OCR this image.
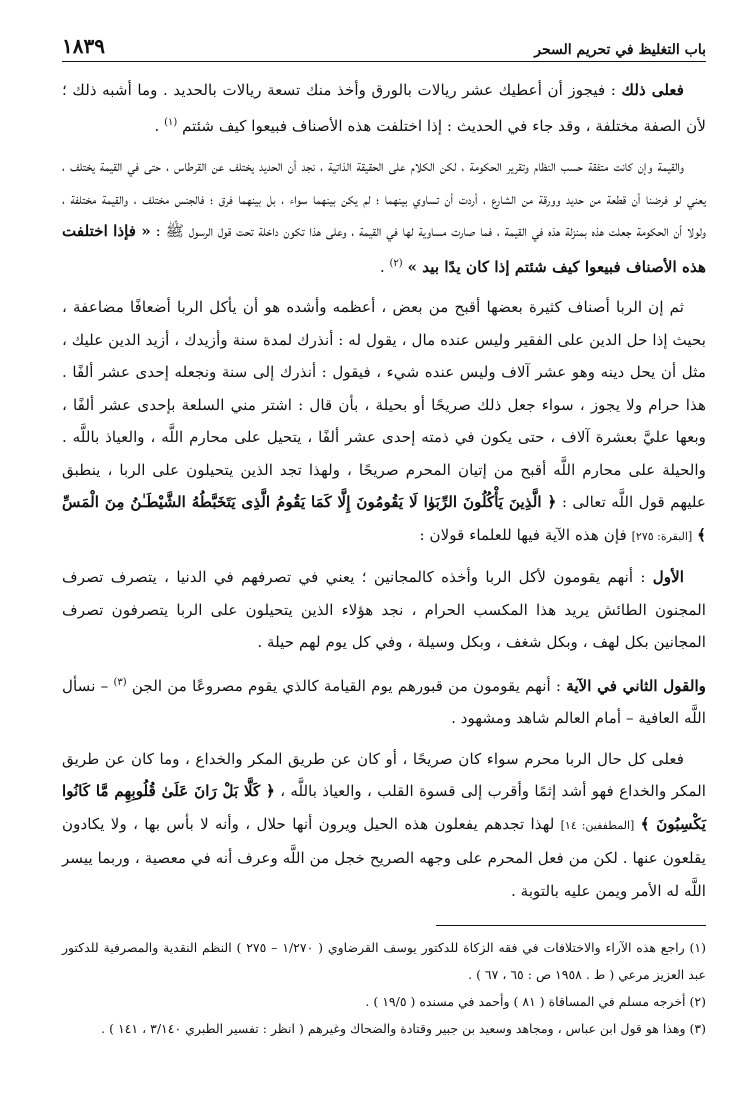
باب التغليظ في تحريم السحر
١٨٣٩

فعلى ذلك : فيجوز أن أعطيك عشر ريالات بالورق وأخذ منك تسعة ريالات بالحديد . وما أشبه ذلك ؛ لأن الصفة مختلفة ، وقد جاء في الحديث : إذا اختلفت هذه الأصناف فبيعوا كيف شئتم $^{(١)}$ .

والقيمة وإن كانت متفقة حسب النظام وتقرير الحكومة ، لكن الكلام على الحقيقة الذاتية ، نجد أن الحديد يختلف عن القرطاس ، حتى في القيمة يختلف ، يعني لو فرضنا أن قطعة من حديد وورقة من الشارع ، أردت أن تساوي بينهما ؛ لم يكن بينهما سواء ، بل بينهما فرق ؛ فالجنس مختلف ، والقيمة مختلفة ، ولولا أن الحكومة جعلت هذه بمنزلة هذه في القيمة ، فما صارت مساوية لها في القيمة ، وعلى هذا تكون داخلة تحت قول الرسول ﷺ : « فإذا اختلفت هذه الأصناف فبيعوا كيف شئتم إذا كان يدًا بيد » $^{(٢)}$ .

ثم إن الربا أصناف كثيرة بعضها أقبح من بعض ، أعظمه وأشده هو أن يأكل الربا أضعافًا مضاعفة ، بحيث إذا حل الدين على الفقير وليس عنده مال ، يقول له : أنذرك لمدة سنة وأزيدك ، أزيد الدين عليك ، مثل أن يحل دينه وهو عشر آلاف وليس عنده شيء ، فيقول : أنذرك إلى سنة ونجعله إحدى عشر ألفًا . هذا حرام ولا يجوز ، سواء جعل ذلك صريحًا أو بحيلة ، بأن قال : اشتر مني السلعة بإحدى عشر ألفًا ، وبعها عليَّ بعشرة آلاف ، حتى يكون في ذمته إحدى عشر ألفًا ، يتحيل على محارم اللَّه ، والعياذ باللَّه . والحيلة على محارم اللَّه أقبح من إتيان المحرم صريحًا ، ولهذا تجد الذين يتحيلون على الربا ، ينطبق عليهم قول اللَّه تعالى : ﴿ الَّذِينَ يَأْكُلُونَ الرِّبَوٰا لَا يَقُومُونَ إِلَّا كَمَا يَقُومُ الَّذِى يَتَخَبَّطُهُ الشَّيْطَـٰنُ مِنَ الْمَسِّ ﴾ [البقرة: ٢٧٥] فإن هذه الآية فيها للعلماء قولان :

الأول : أنهم يقومون لأكل الربا وأخذه كالمجانين ؛ يعني في تصرفهم في الدنيا ، يتصرف تصرف المجنون الطائش يريد هذا المكسب الحرام ، نجد هؤلاء الذين يتحيلون على الربا يتصرفون تصرف المجانين بكل لهف ، وبكل شغف ، وبكل وسيلة ، وفي كل يوم لهم حيلة .

والقول الثاني في الآية : أنهم يقومون من قبورهم يوم القيامة كالذي يقوم مصروعًا من الجن $^{(٣)}$ – نسأل اللَّه العافية – أمام العالم شاهد ومشهود .

فعلى كل حال الربا محرم سواء كان صريحًا ، أو كان عن طريق المكر والخداع ، وما كان عن طريق المكر والخداع فهو أشد إثمًا وأقرب إلى قسوة القلب ، والعياذ باللَّه ، ﴿ كَلَّا بَلْ رَانَ عَلَىٰ قُلُوبِهِم مَّا كَانُوا يَكْسِبُونَ ﴾ [المطففين: ١٤] لهذا تجدهم يفعلون هذه الحيل ويرون أنها حلال ، وأنه لا بأس بها ، ولا يكادون يقلعون عنها . لكن من فعل المحرم على وجهه الصريح خجل من اللَّه وعرف أنه في معصية ، وربما ييسر اللَّه له الأمر ويمن عليه بالتوبة .

(١) راجع هذه الآراء والاختلافات في فقه الزكاة للدكتور يوسف القرضاوي ( ١/٢٧٠ – ٢٧٥ ) النظم النقدية والمصرفية للدكتور عبد العزيز مرعي ( ط . ١٩٥٨ ص : ٦٥ ، ٦٧ ) .

(٢) أخرجه مسلم في المساقاة ( ٨١ ) وأحمد في مسنده ( ١٩/٥ ) .

(٣) وهذا هو قول ابن عباس ، ومجاهد وسعيد بن جبير وقتادة والضحاك وغيرهم ( انظر : تفسير الطبري ٣/١٤٠ ، ١٤١ ) .
